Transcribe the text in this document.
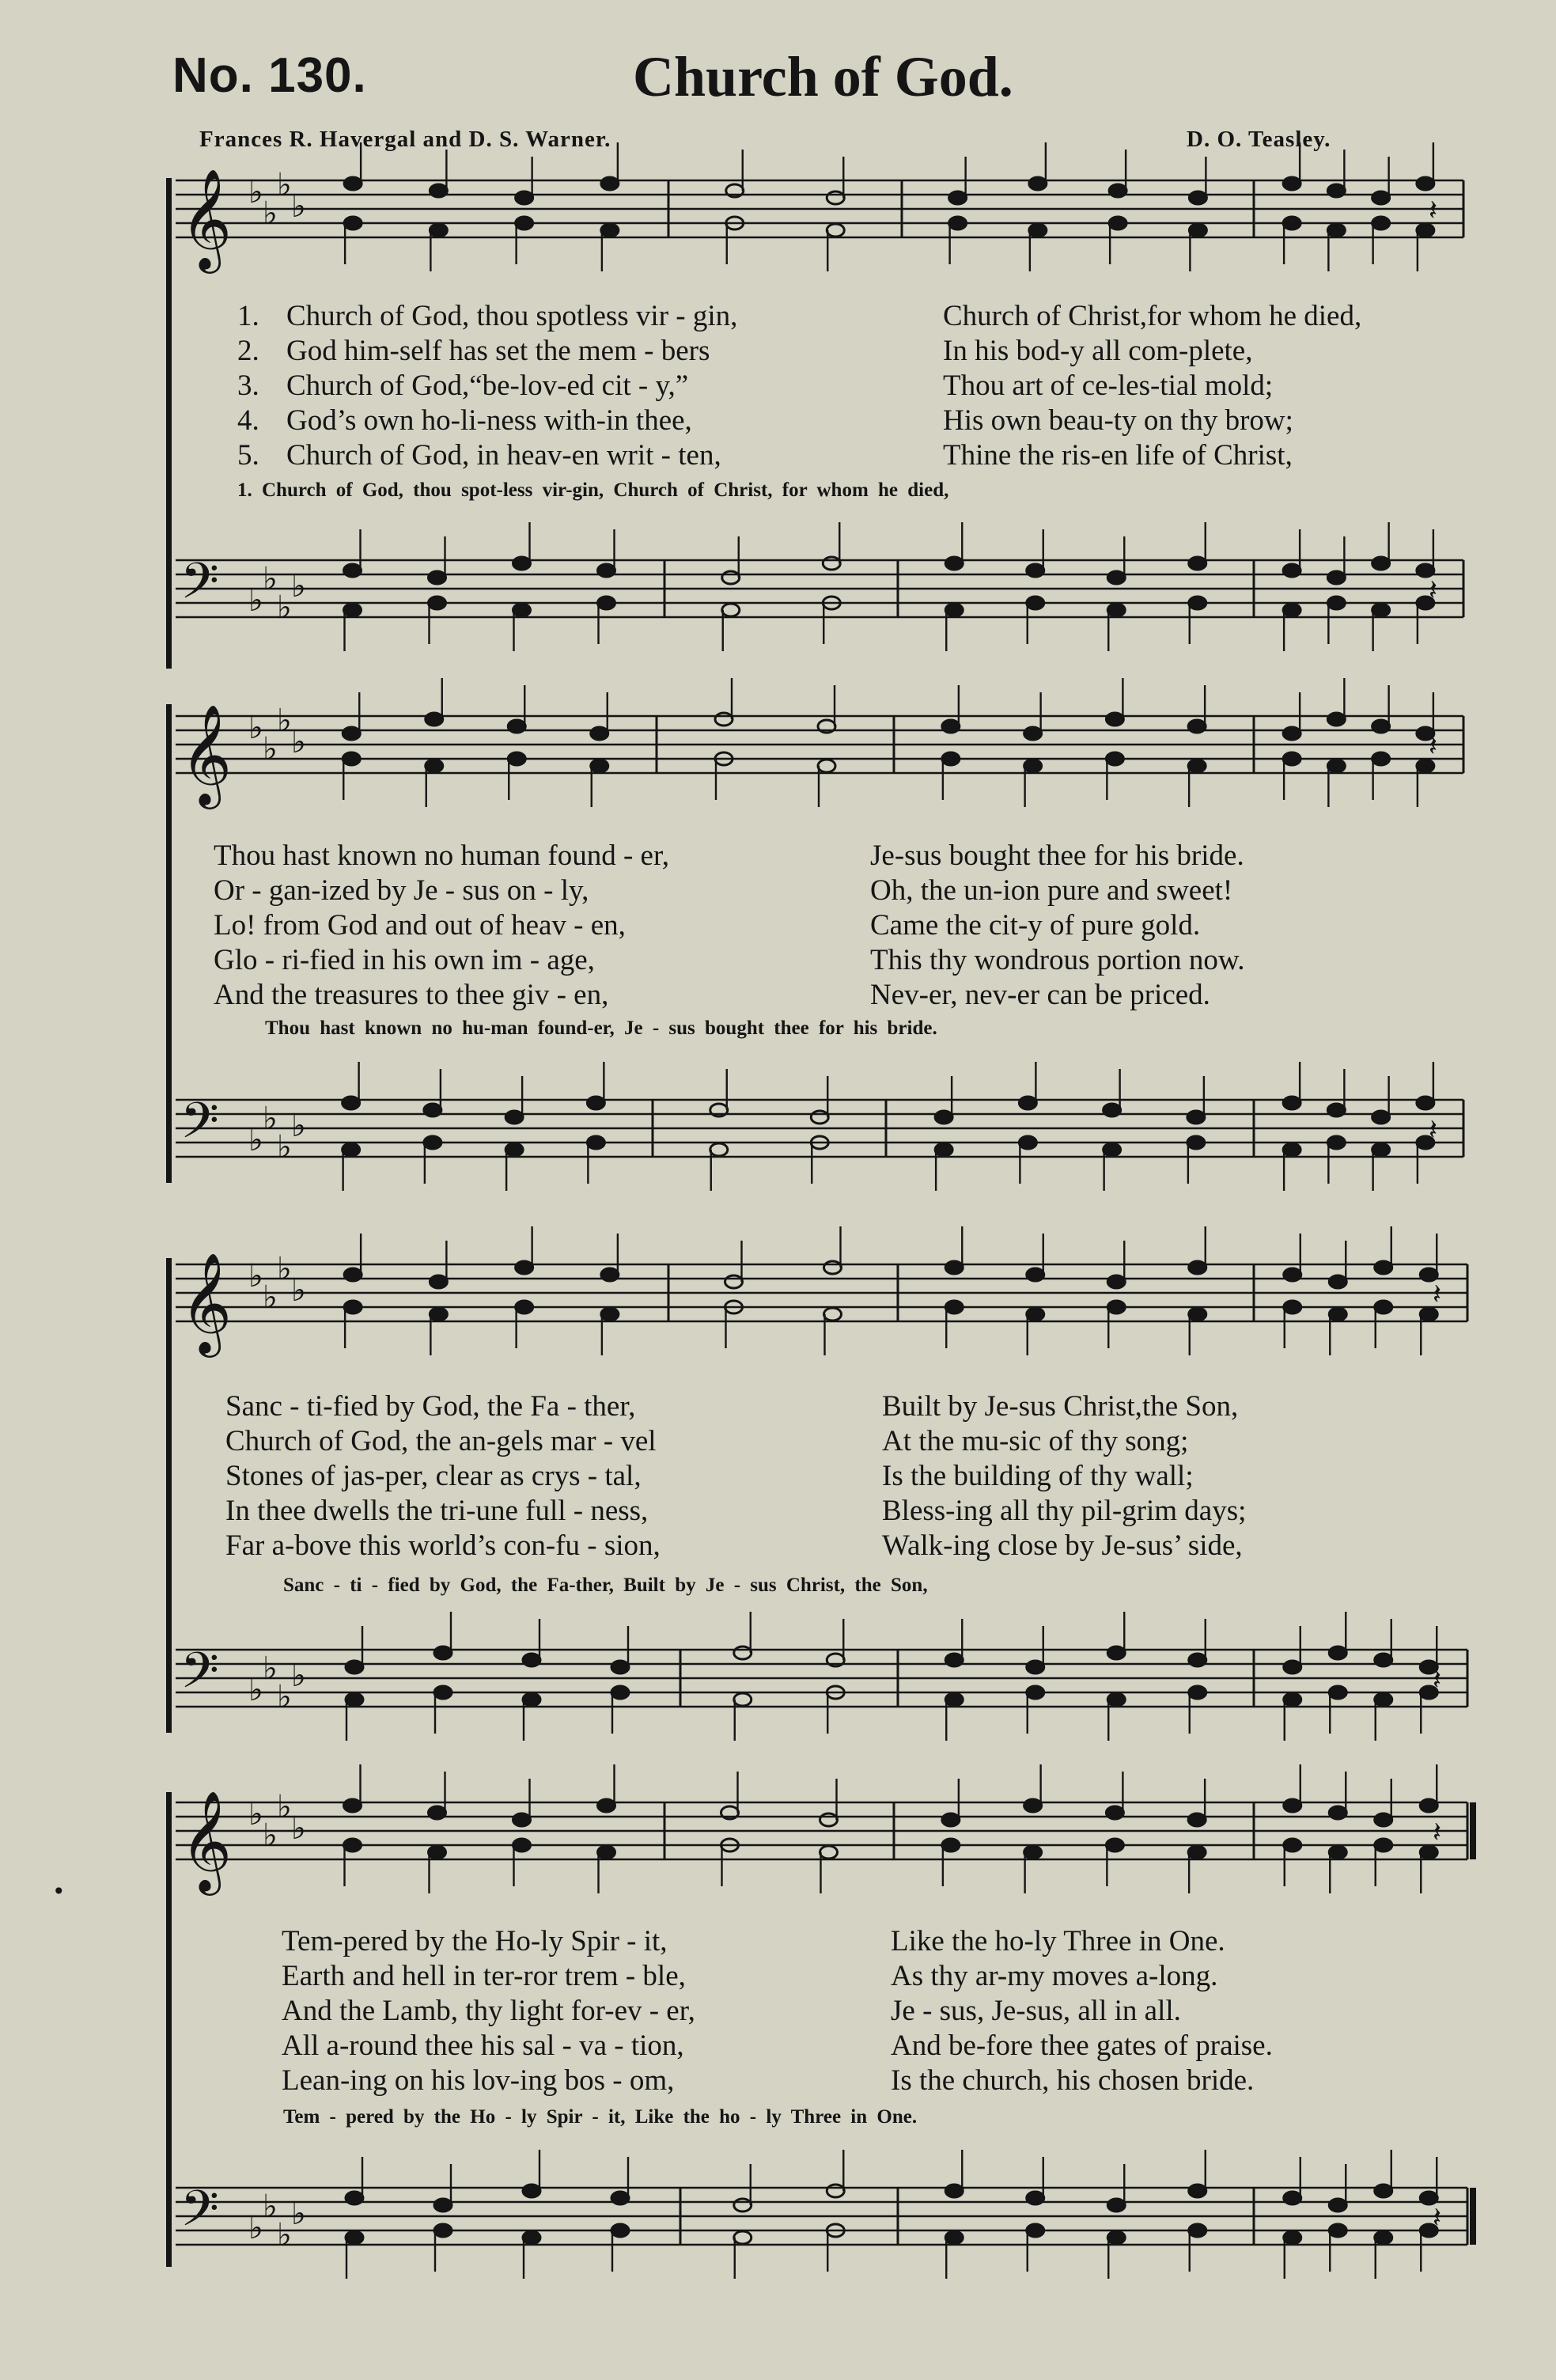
No. 130.	Church of God.
Frances R. Havergal and D. S. Warner.	D. O. Teasley.
•
𝄞 ♭
♭
♭
♭	𝄽
𝄢 ♭
♭
♭
♭	𝄽
𝄞 ♭
♭
♭
♭	𝄽
𝄢 ♭
♭
♭
♭	𝄽
𝄞 ♭
♭
♭
♭	𝄽
𝄢 ♭
♭
♭
♭	𝄽
𝄞 ♭
♭
♭
♭	𝄽
𝄢 ♭
♭
♭
♭	𝄽
1. Church of God, thou spotless vir - gin,	Church of Christ,for whom he died,
2. God him-self has set the mem - bers	In his bod-y all com-plete,
3. Church of God,“be-lov-ed cit - y,”	Thou art of ce-les-tial mold;
4. God’s own ho-li-ness with-in thee,	His own beau-ty on thy brow;
5. Church of God, in heav-en writ - ten,	Thine the ris-en life of Christ,
1. Church of God, thou spot-less vir-gin, Church of Christ, for whom he died,
Thou hast known no human found - er,	Je-sus bought thee for his bride.
Or - gan-ized by Je - sus on - ly,	Oh, the un-ion pure and sweet!
Lo! from God and out of heav - en,	Came the cit-y of pure gold.
Glo - ri-fied in his own im - age,	This thy wondrous portion now.
And the treasures to thee giv - en,	Nev-er, nev-er can be priced.
Thou hast known no hu-man found-er, Je - sus bought thee for his bride.
Sanc - ti-fied by God, the Fa - ther,	Built by Je-sus Christ,the Son,
Church of God, the an-gels mar - vel	At the mu-sic of thy song;
Stones of jas-per, clear as crys - tal,	Is the building of thy wall;
In thee dwells the tri-une full - ness,	Bless-ing all thy pil-grim days;
Far a-bove this world’s con-fu - sion,	Walk-ing close by Je-sus’ side,
Sanc - ti - fied by God, the Fa-ther, Built by Je - sus Christ, the Son,
Tem-pered by the Ho-ly Spir - it,	Like the ho-ly Three in One.
Earth and hell in ter-ror trem - ble,	As thy ar-my moves a-long.
And the Lamb, thy light for-ev - er,	Je - sus, Je-sus, all in all.
All a-round thee his sal - va - tion,	And be-fore thee gates of praise.
Lean-ing on his lov-ing bos - om,	Is the church, his chosen bride.
Tem - pered by the Ho - ly Spir - it, Like the ho - ly Three in One.
